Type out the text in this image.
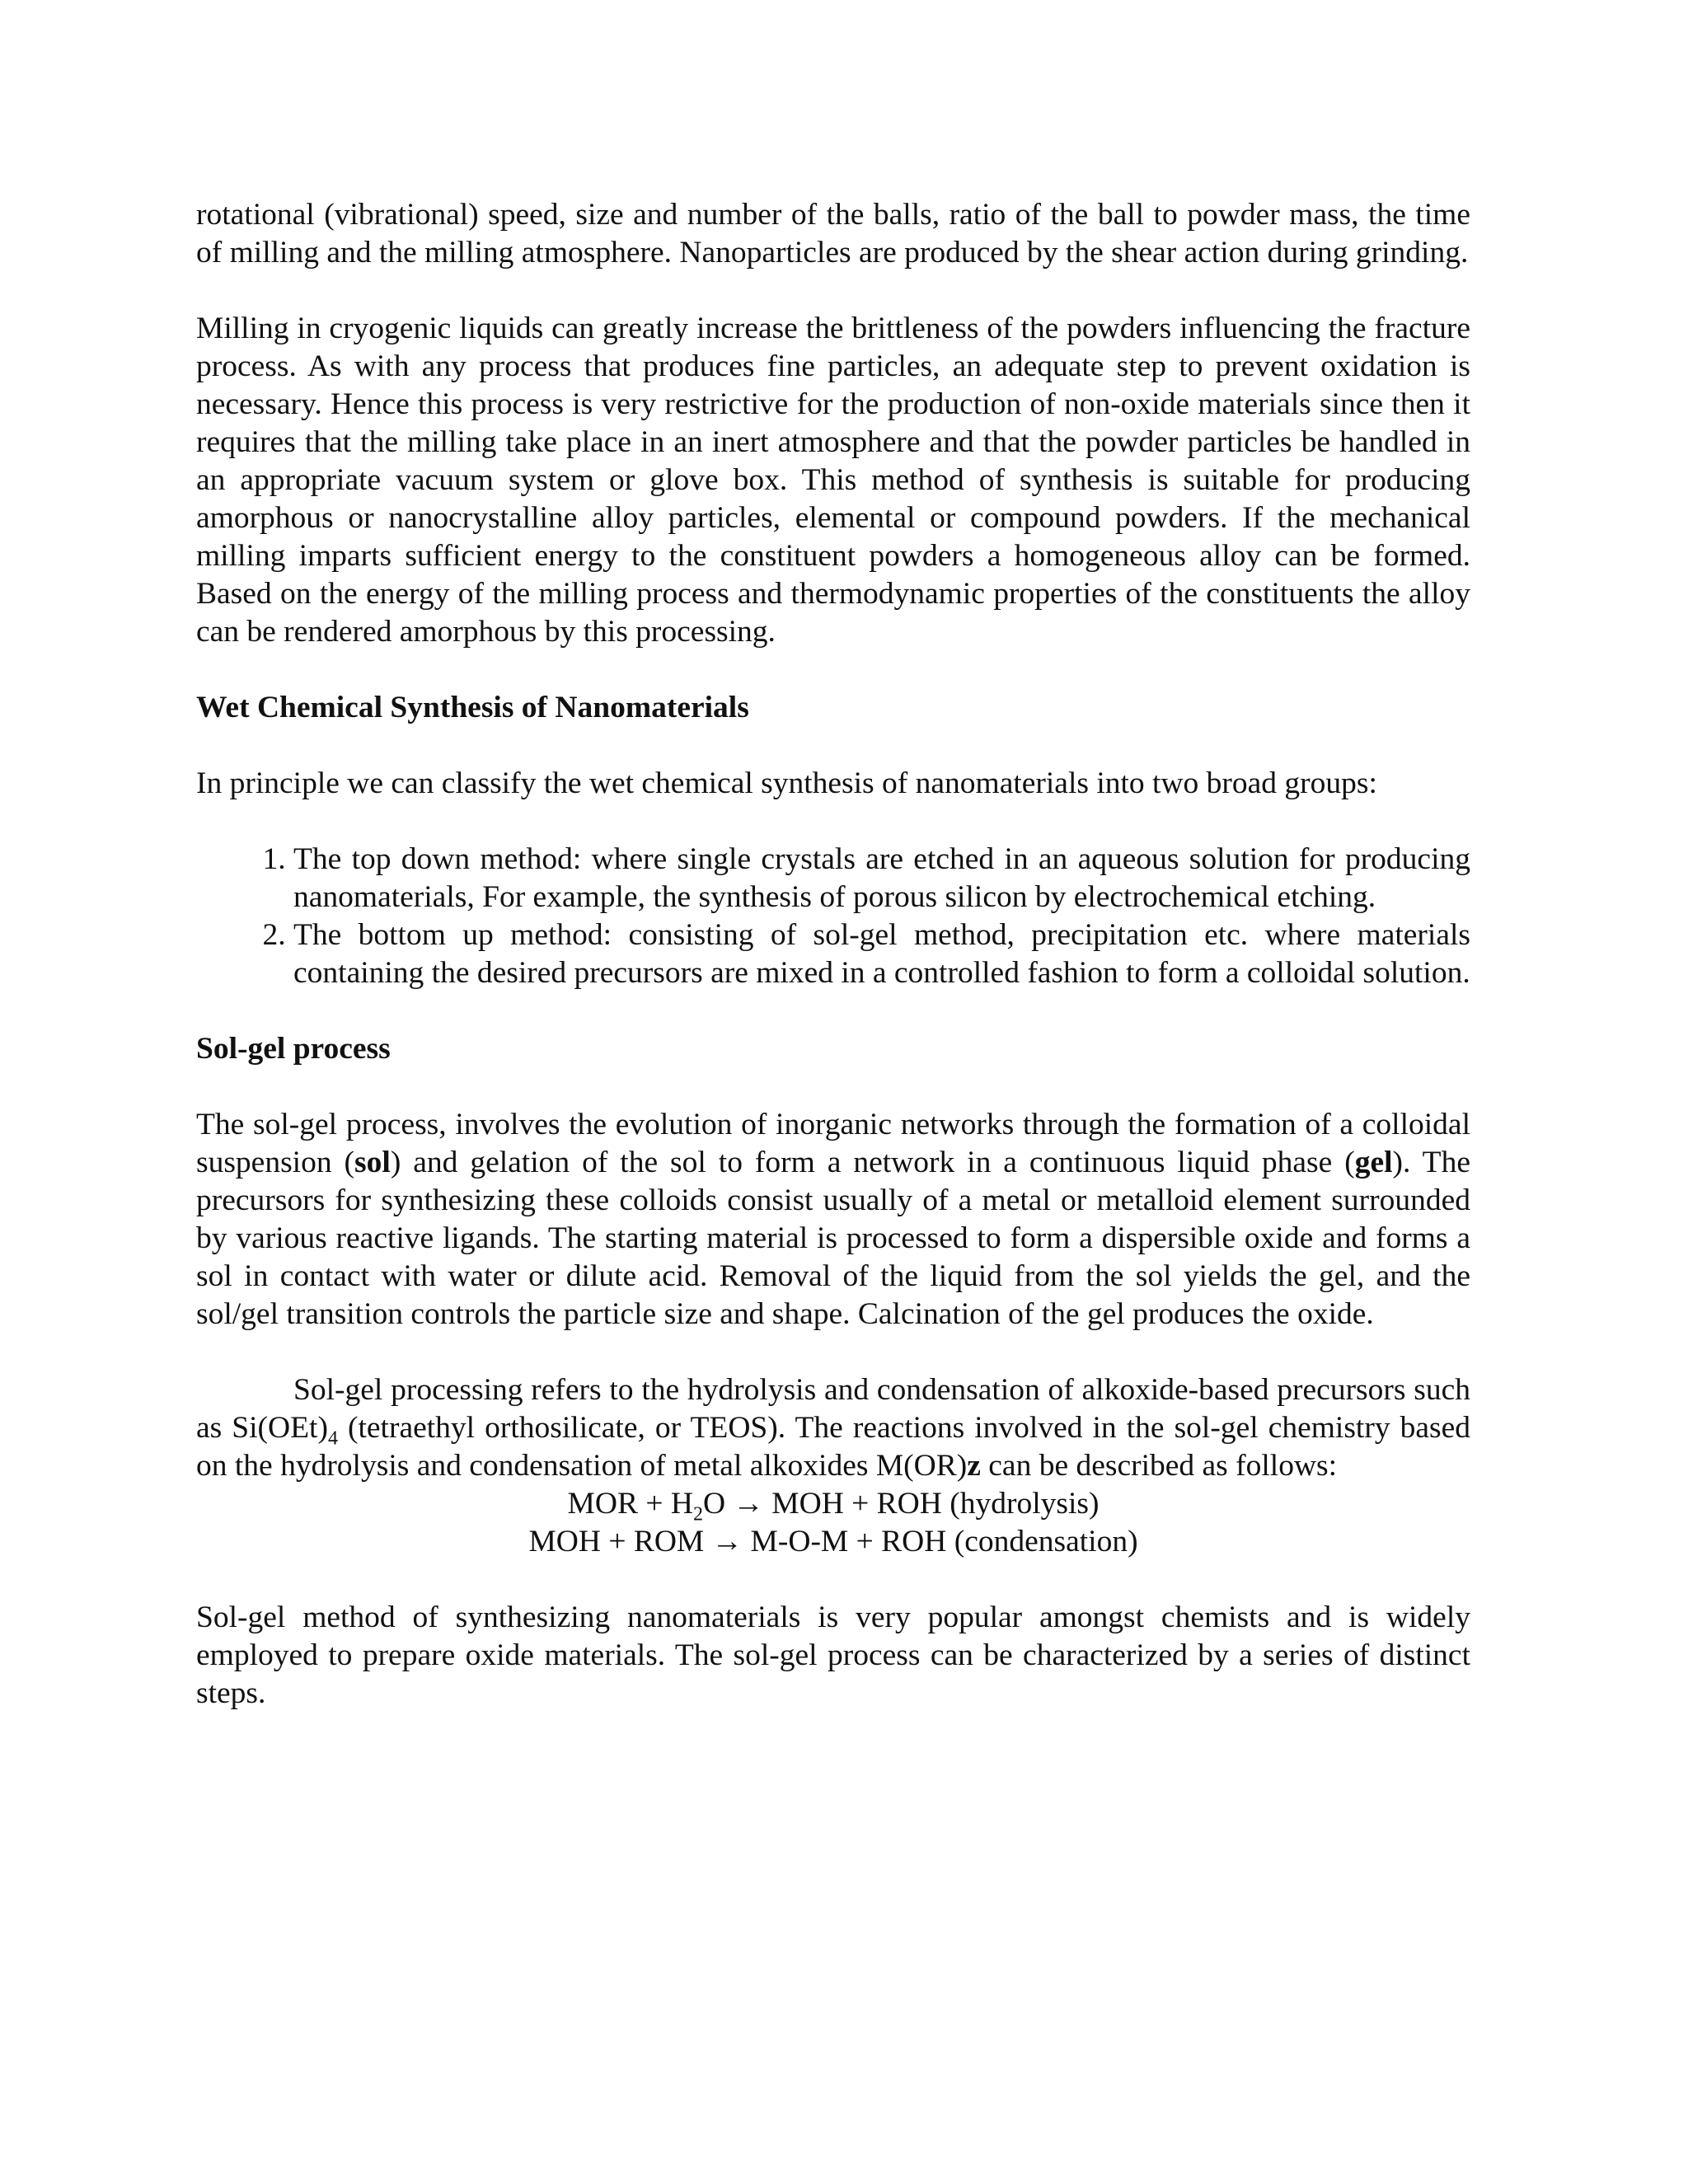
rotational (vibrational) speed, size and number of the balls, ratio of the ball to powder mass, the time of milling and the milling atmosphere. Nanoparticles are produced by the shear action during grinding.

Milling in cryogenic liquids can greatly increase the brittleness of the powders influencing the fracture process. As with any process that produces fine particles, an adequate step to prevent oxidation is necessary. Hence this process is very restrictive for the production of non-oxide materials since then it requires that the milling take place in an inert atmosphere and that the powder particles be handled in an appropriate vacuum system or glove box. This method of synthesis is suitable for producing amorphous or nanocrystalline alloy particles, elemental or compound powders. If the mechanical milling imparts sufficient energy to the constituent powders a homogeneous alloy can be formed. Based on the energy of the milling process and thermodynamic properties of the constituents the alloy can be rendered amorphous by this processing.

Wet Chemical Synthesis of Nanomaterials

In principle we can classify the wet chemical synthesis of nanomaterials into two broad groups:

1. The top down method: where single crystals are etched in an aqueous solution for producing nanomaterials, For example, the synthesis of porous silicon by electrochemical etching.
2. The bottom up method: consisting of sol-gel method, precipitation etc. where materials containing the desired precursors are mixed in a controlled fashion to form a colloidal solution.
Sol-gel process

The sol-gel process, involves the evolution of inorganic networks through the formation of a colloidal suspension (sol) and gelation of the sol to form a network in a continuous liquid phase (gel). The precursors for synthesizing these colloids consist usually of a metal or metalloid element surrounded by various reactive ligands. The starting material is processed to form a dispersible oxide and forms a sol in contact with water or dilute acid. Removal of the liquid from the sol yields the gel, and the sol/gel transition controls the particle size and shape. Calcination of the gel produces the oxide.

Sol-gel processing refers to the hydrolysis and condensation of alkoxide-based precursors such as $Si(OEt)_4$ (tetraethyl orthosilicate, or TEOS). The reactions involved in the sol-gel chemistry based on the hydrolysis and condensation of metal alkoxides M(OR)z can be described as follows:

MOR + $H_2O$ → MOH + ROH (hydrolysis)

MOH + ROM → M-O-M + ROH (condensation)

Sol-gel method of synthesizing nanomaterials is very popular amongst chemists and is widely employed to prepare oxide materials. The sol-gel process can be characterized by a series of distinct steps.
